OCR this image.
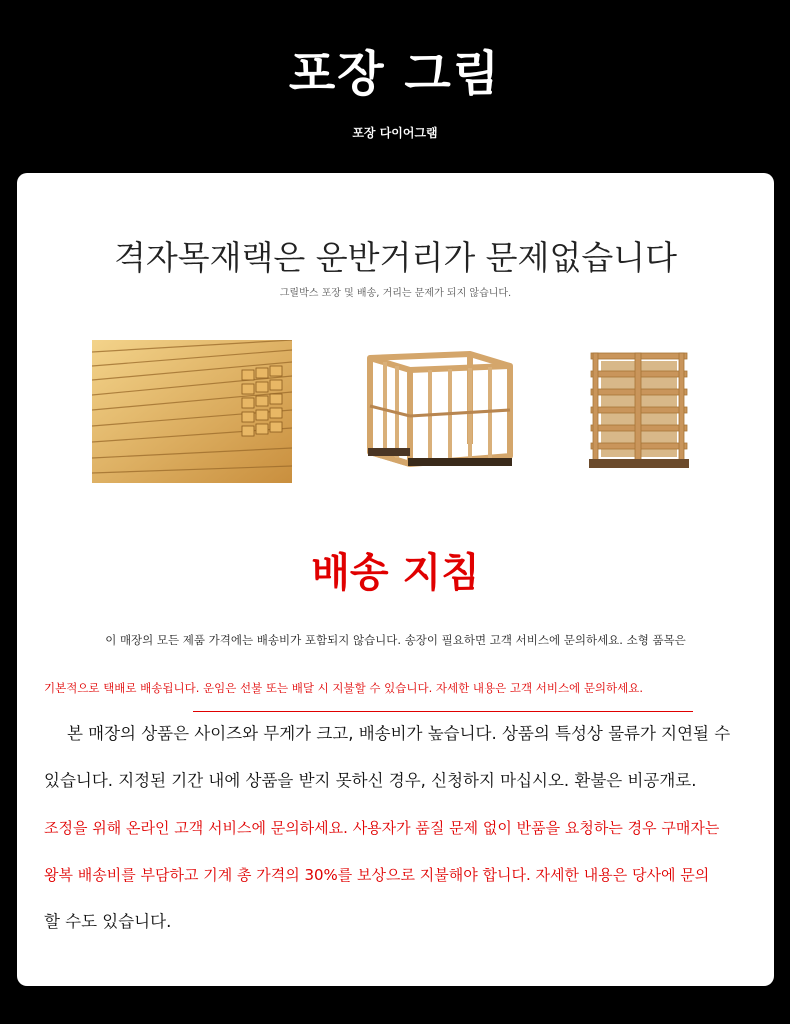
포장 그림
포장 다이어그램
격자목재랙은 운반거리가 문제없습니다
그릴박스 포장 및 배송, 거리는 문제가 되지 않습니다.
배송 지침
이 매장의 모든 제품 가격에는 배송비가 포함되지 않습니다. 송장이 필요하면 고객 서비스에 문의하세요. 소형 품목은
기본적으로 택배로 배송됩니다. 운임은 선불 또는 배달 시 지불할 수 있습니다. 자세한 내용은 고객 서비스에 문의하세요.
본 매장의 상품은 사이즈와 무게가 크고, 배송비가 높습니다. 상품의 특성상 물류가 지연될 수
있습니다. 지정된 기간 내에 상품을 받지 못하신 경우, 신청하지 마십시오. 환불은 비공개로.
조정을 위해 온라인 고객 서비스에 문의하세요. 사용자가 품질 문제 없이 반품을 요청하는 경우 구매자는
왕복 배송비를 부담하고 기계 총 가격의 30%를 보상으로 지불해야 합니다. 자세한 내용은 당사에 문의
할 수도 있습니다.
